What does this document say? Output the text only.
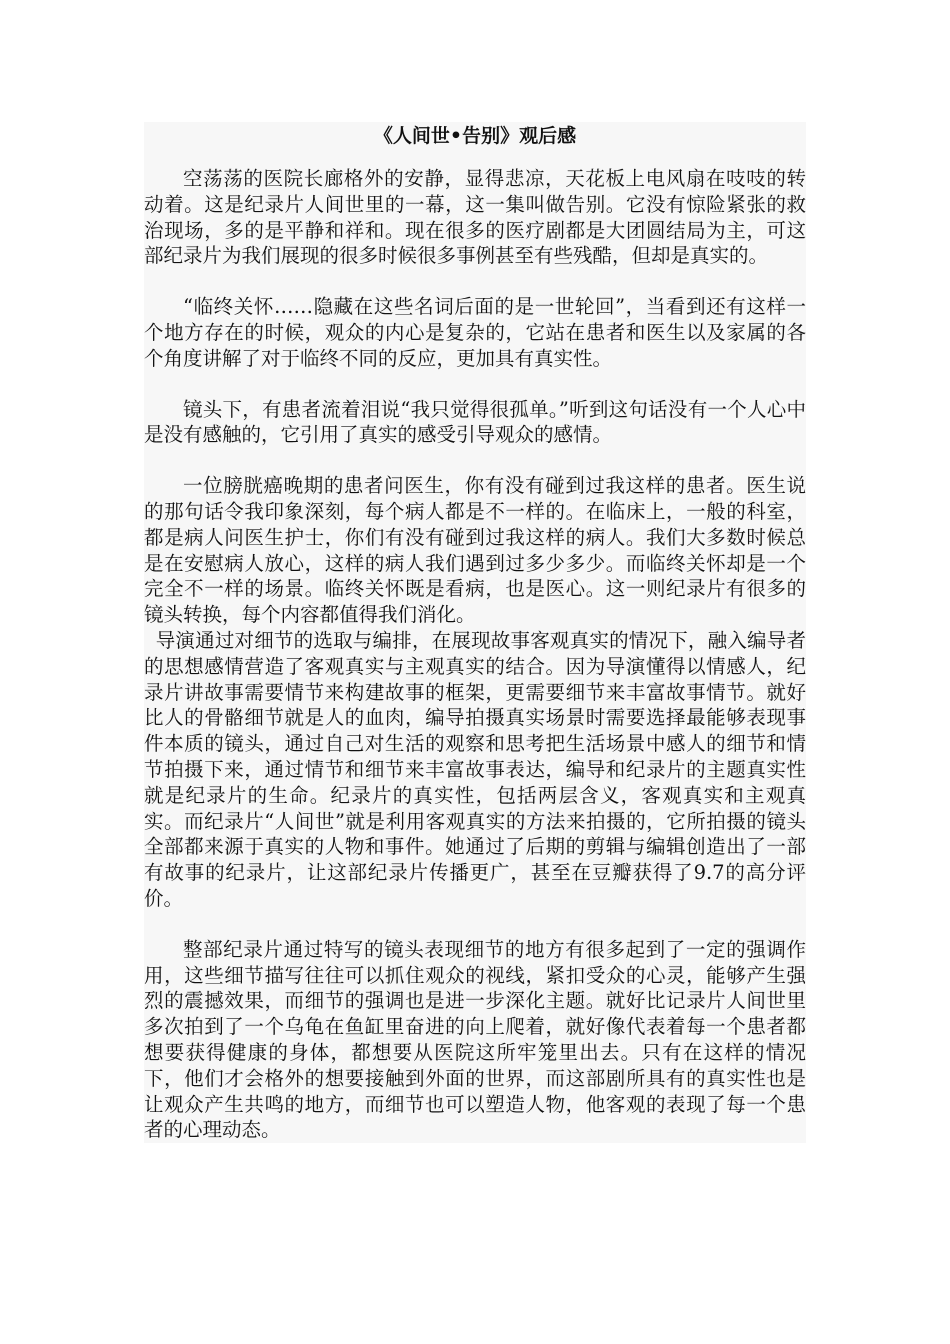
《人间世•告别》观后感

空荡荡的医院长廊格外的安静，显得悲凉，天花板上电风扇在吱吱的转动着。这是纪录片人间世里的一幕，这一集叫做告别。它没有惊险紧张的救治现场，多的是平静和祥和。现在很多的医疗剧都是大团圆结局为主，可这部纪录片为我们展现的很多时候很多事例甚至有些残酷，但却是真实的。

“临终关怀……隐藏在这些名词后面的是一世轮回”，当看到还有这样一个地方存在的时候，观众的内心是复杂的，它站在患者和医生以及家属的各个角度讲解了对于临终不同的反应，更加具有真实性。

镜头下，有患者流着泪说“我只觉得很孤单。”听到这句话没有一个人心中是没有感触的，它引用了真实的感受引导观众的感情。

一位膀胱癌晚期的患者问医生，你有没有碰到过我这样的患者。医生说的那句话令我印象深刻，每个病人都是不一样的。在临床上，一般的科室，都是病人问医生护士，你们有没有碰到过我这样的病人。我们大多数时候总是在安慰病人放心，这样的病人我们遇到过多少多少。而临终关怀却是一个完全不一样的场景。临终关怀既是看病，也是医心。这一则纪录片有很多的镜头转换，每个内容都值得我们消化。

导演通过对细节的选取与编排，在展现故事客观真实的情况下，融入编导者的思想感情营造了客观真实与主观真实的结合。因为导演懂得以情感人，纪录片讲故事需要情节来构建故事的框架，更需要细节来丰富故事情节。就好比人的骨骼细节就是人的血肉，编导拍摄真实场景时需要选择最能够表现事件本质的镜头，通过自己对生活的观察和思考把生活场景中感人的细节和情节拍摄下来，通过情节和细节来丰富故事表达，编导和纪录片的主题真实性就是纪录片的生命。纪录片的真实性，包括两层含义，客观真实和主观真实。而纪录片“人间世”就是利用客观真实的方法来拍摄的，它所拍摄的镜头全部都来源于真实的人物和事件。她通过了后期的剪辑与编辑创造出了一部有故事的纪录片，让这部纪录片传播更广，甚至在豆瓣获得了9.7的高分评价。

整部纪录片通过特写的镜头表现细节的地方有很多起到了一定的强调作用，这些细节描写往往可以抓住观众的视线，紧扣受众的心灵，能够产生强烈的震撼效果，而细节的强调也是进一步深化主题。就好比记录片人间世里多次拍到了一个乌龟在鱼缸里奋进的向上爬着，就好像代表着每一个患者都想要获得健康的身体，都想要从医院这所牢笼里出去。只有在这样的情况下，他们才会格外的想要接触到外面的世界，而这部剧所具有的真实性也是让观众产生共鸣的地方，而细节也可以塑造人物，他客观的表现了每一个患者的心理动态。
